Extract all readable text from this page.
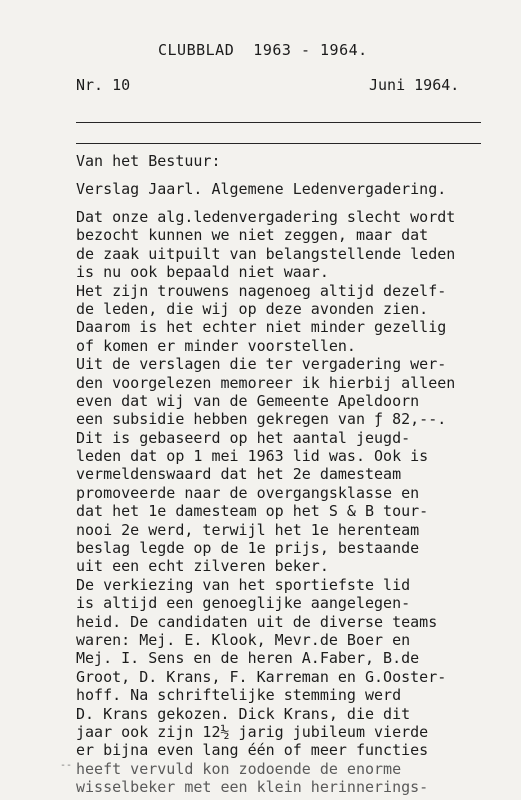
CLUBBLAD  1963 - 1964.
Nr. 10	Juni 1964.
Van het Bestuur:
Verslag Jaarl. Algemene Ledenvergadering.
Dat onze alg.ledenvergadering slecht wordt
bezocht kunnen we niet zeggen, maar dat
de zaak uitpuilt van belangstellende leden
is nu ook bepaald niet waar.
Het zijn trouwens nagenoeg altijd dezelf-
de leden, die wij op deze avonden zien.
Daarom is het echter niet minder gezellig
of komen er minder voorstellen.
Uit de verslagen die ter vergadering wer-
den voorgelezen memoreer ik hierbij alleen
even dat wij van de Gemeente Apeldoorn
een subsidie hebben gekregen van ƒ 82,--.
Dit is gebaseerd op het aantal jeugd-
leden dat op 1 mei 1963 lid was. Ook is
vermeldenswaard dat het 2e damesteam
promoveerde naar de overgangsklasse en
dat het 1e damesteam op het S & B tour-
nooi 2e werd, terwijl het 1e herenteam
beslag legde op de 1e prijs, bestaande
uit een echt zilveren beker.
De verkiezing van het sportiefste lid
is altijd een genoeglijke aangelegen-
heid. De candidaten uit de diverse teams
waren: Mej. E. Klook, Mevr.de Boer en
Mej. I. Sens en de heren A.Faber, B.de
Groot, D. Krans, F. Karreman en G.Ooster-
hoff. Na schriftelijke stemming werd
D. Krans gekozen. Dick Krans, die dit
jaar ook zijn 12½ jarig jubileum vierde
er bijna even lang één of meer functies
heeft vervuld kon zodoende de enorme
wisselbeker met een klein herinnerings-
--
